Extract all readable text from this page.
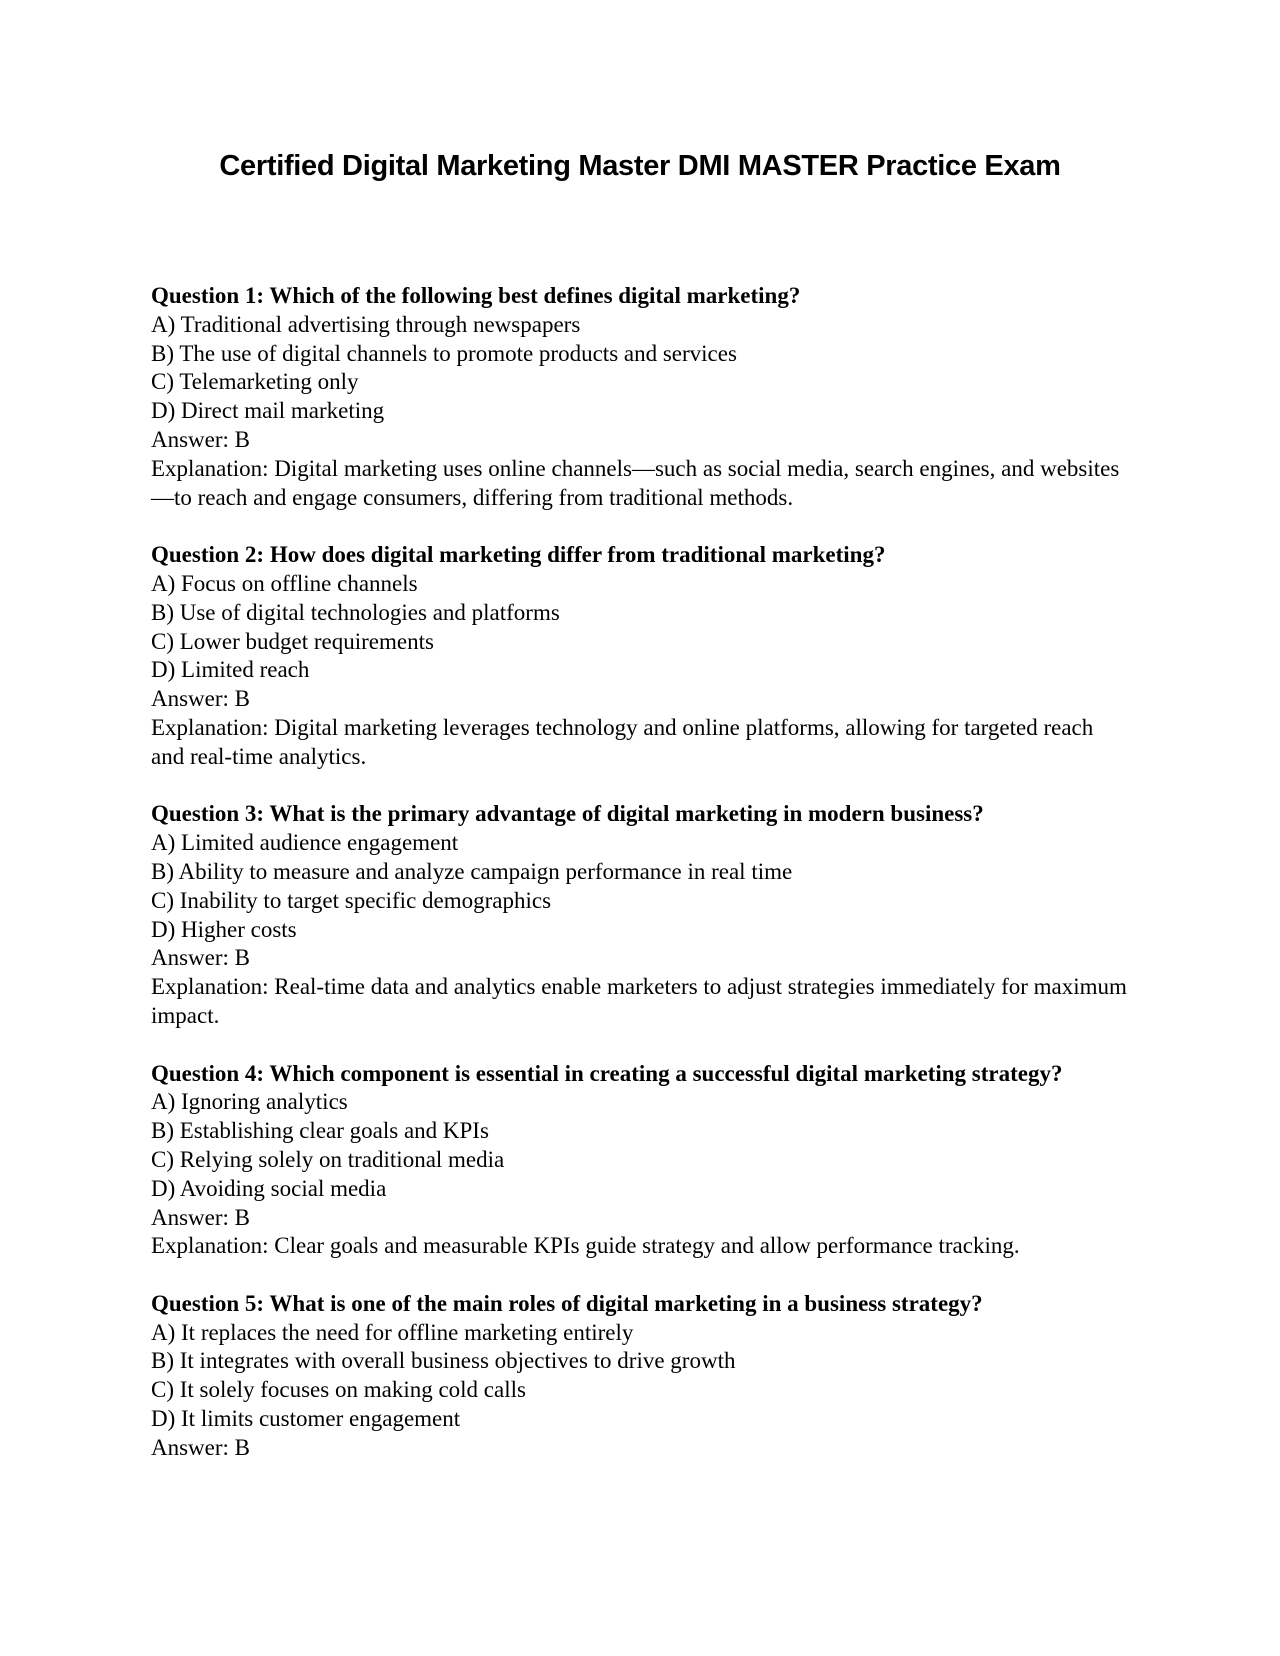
Certified Digital Marketing Master DMI MASTER Practice Exam

Question 1: Which of the following best defines digital marketing?

A) Traditional advertising through newspapers

B) The use of digital channels to promote products and services

C) Telemarketing only

D) Direct mail marketing

Answer: B

Explanation: Digital marketing uses online channels—such as social media, search engines, and websites—to reach and engage consumers, differing from traditional methods.

Question 2: How does digital marketing differ from traditional marketing?

A) Focus on offline channels

B) Use of digital technologies and platforms

C) Lower budget requirements

D) Limited reach

Answer: B

Explanation: Digital marketing leverages technology and online platforms, allowing for targeted reach and real-time analytics.

Question 3: What is the primary advantage of digital marketing in modern business?

A) Limited audience engagement

B) Ability to measure and analyze campaign performance in real time

C) Inability to target specific demographics

D) Higher costs

Answer: B

Explanation: Real-time data and analytics enable marketers to adjust strategies immediately for maximum impact.

Question 4: Which component is essential in creating a successful digital marketing strategy?

A) Ignoring analytics

B) Establishing clear goals and KPIs

C) Relying solely on traditional media

D) Avoiding social media

Answer: B

Explanation: Clear goals and measurable KPIs guide strategy and allow performance tracking.

Question 5: What is one of the main roles of digital marketing in a business strategy?

A) It replaces the need for offline marketing entirely

B) It integrates with overall business objectives to drive growth

C) It solely focuses on making cold calls

D) It limits customer engagement

Answer: B
